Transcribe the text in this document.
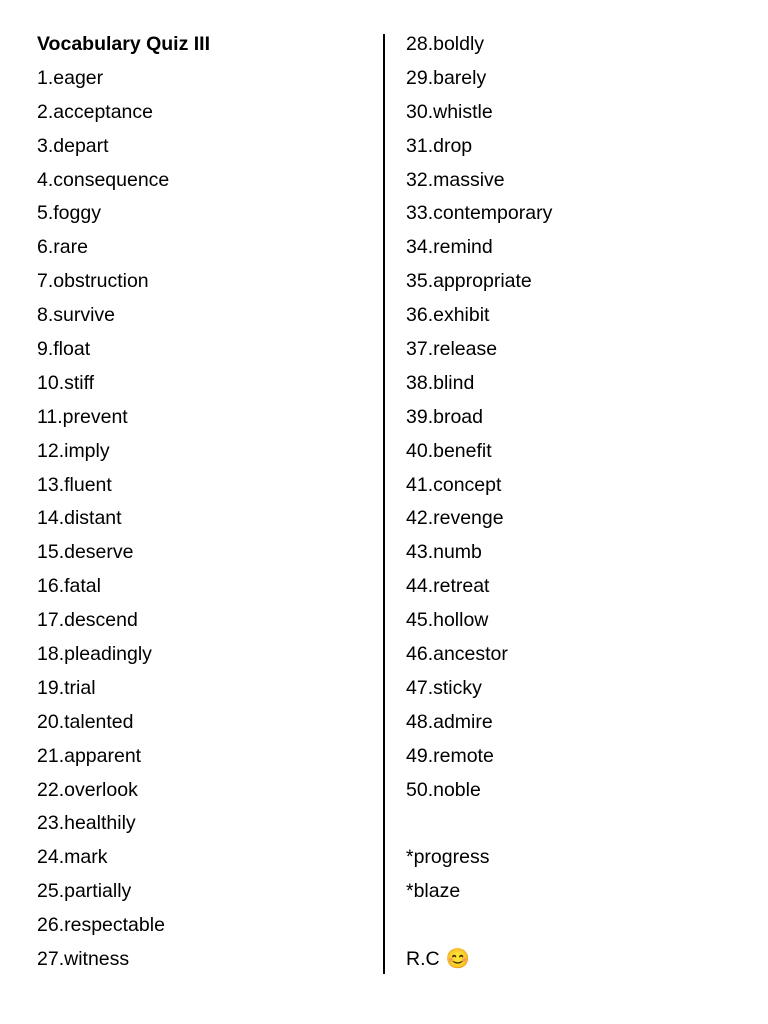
Vocabulary Quiz III
1.eager
2.acceptance
3.depart
4.consequence
5.foggy
6.rare
7.obstruction
8.survive
9.float
10.stiff
11.prevent
12.imply
13.fluent
14.distant
15.deserve
16.fatal
17.descend
18.pleadingly
19.trial
20.talented
21.apparent
22.overlook
23.healthily
24.mark
25.partially
26.respectable
27.witness
28.boldly
29.barely
30.whistle
31.drop
32.massive
33.contemporary
34.remind
35.appropriate
36.exhibit
37.release
38.blind
39.broad
40.benefit
41.concept
42.revenge
43.numb
44.retreat
45.hollow
46.ancestor
47.sticky
48.admire
49.remote
50.noble
*progress
*blaze
R.C 😊
